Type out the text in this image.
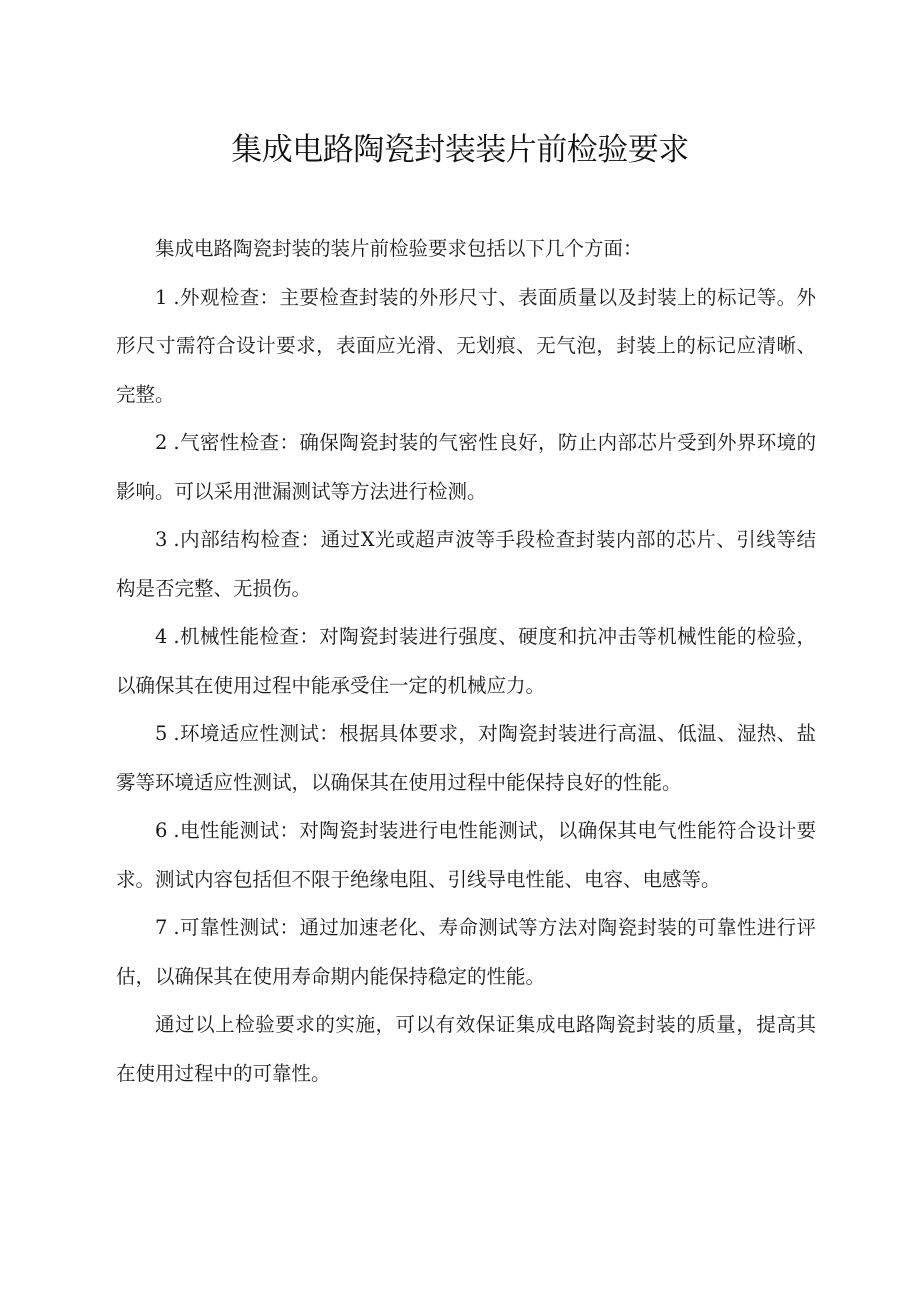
集成电路陶瓷封装装片前检验要求

集成电路陶瓷封装的装片前检验要求包括以下几个方面：

1 .外观检查：主要检查封装的外形尺寸、表面质量以及封装上的标记等。外形尺寸需符合设计要求，表面应光滑、无划痕、无气泡，封装上的标记应清晰、完整。

2 .气密性检查：确保陶瓷封装的气密性良好，防止内部芯片受到外界环境的影响。可以采用泄漏测试等方法进行检测。

3 .内部结构检查：通过X光或超声波等手段检查封装内部的芯片、引线等结构是否完整、无损伤。

4 .机械性能检查：对陶瓷封装进行强度、硬度和抗冲击等机械性能的检验，以确保其在使用过程中能承受住一定的机械应力。

5 .环境适应性测试：根据具体要求，对陶瓷封装进行高温、低温、湿热、盐雾等环境适应性测试，以确保其在使用过程中能保持良好的性能。

6 .电性能测试：对陶瓷封装进行电性能测试，以确保其电气性能符合设计要求。测试内容包括但不限于绝缘电阻、引线导电性能、电容、电感等。

7 .可靠性测试：通过加速老化、寿命测试等方法对陶瓷封装的可靠性进行评估，以确保其在使用寿命期内能保持稳定的性能。

通过以上检验要求的实施，可以有效保证集成电路陶瓷封装的质量，提高其在使用过程中的可靠性。
